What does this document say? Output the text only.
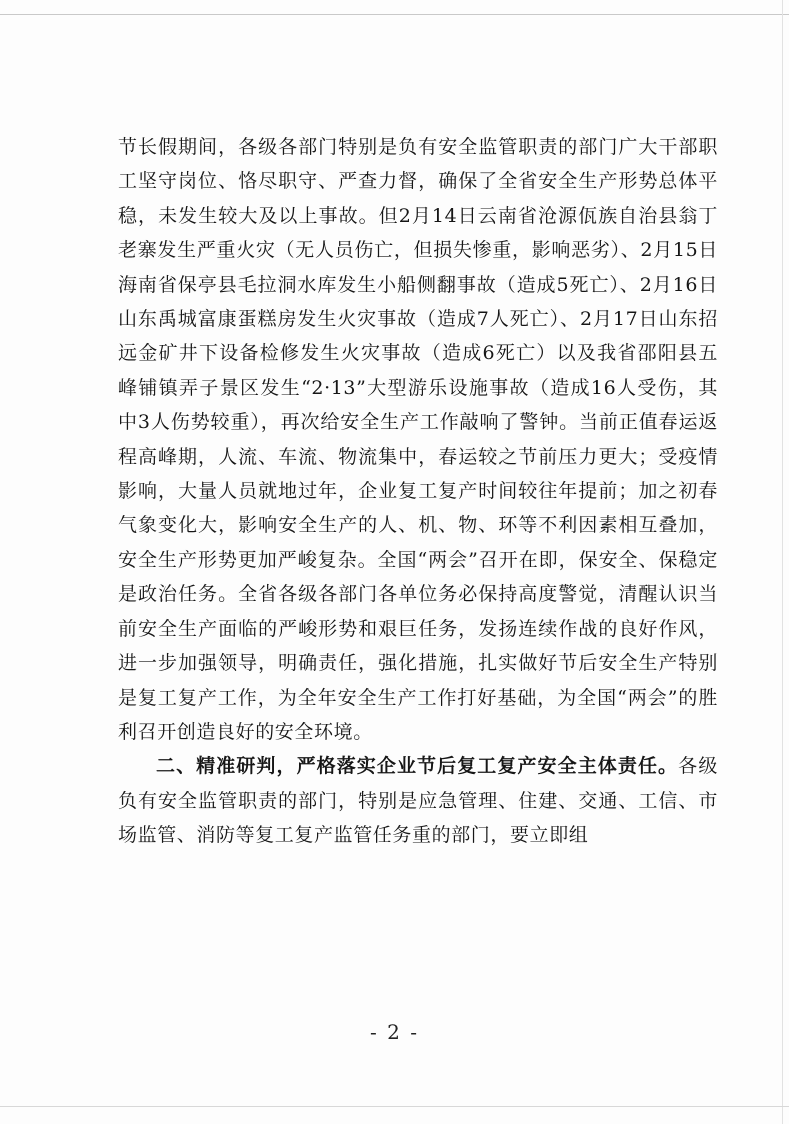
节长假期间，各级各部门特别是负有安全监管职责的部门广大干部职工坚守岗位、恪尽职守、严查力督，确保了全省安全生产形势总体平稳，未发生较大及以上事故。但2月14日云南省沧源佤族自治县翁丁老寨发生严重火灾（无人员伤亡，但损失惨重，影响恶劣）、2月15日海南省保亭县毛拉洞水库发生小船侧翻事故（造成5死亡）、2月16日山东禹城富康蛋糕房发生火灾事故（造成7人死亡）、2月17日山东招远金矿井下设备检修发生火灾事故（造成6死亡）以及我省邵阳县五峰铺镇弄子景区发生“2·13”大型游乐设施事故（造成16人受伤，其中3人伤势较重），再次给安全生产工作敲响了警钟。当前正值春运返程高峰期，人流、车流、物流集中，春运较之节前压力更大；受疫情影响，大量人员就地过年，企业复工复产时间较往年提前；加之初春气象变化大，影响安全生产的人、机、物、环等不利因素相互叠加，安全生产形势更加严峻复杂。全国“两会”召开在即，保安全、保稳定是政治任务。全省各级各部门各单位务必保持高度警觉，清醒认识当前安全生产面临的严峻形势和艰巨任务，发扬连续作战的良好作风，进一步加强领导，明确责任，强化措施，扎实做好节后安全生产特别是复工复产工作，为全年安全生产工作打好基础，为全国“两会”的胜利召开创造良好的安全环境。

二、精准研判，严格落实企业节后复工复产安全主体责任。各级负有安全监管职责的部门，特别是应急管理、住建、交通、工信、市场监管、消防等复工复产监管任务重的部门，要立即组

- 2 -
